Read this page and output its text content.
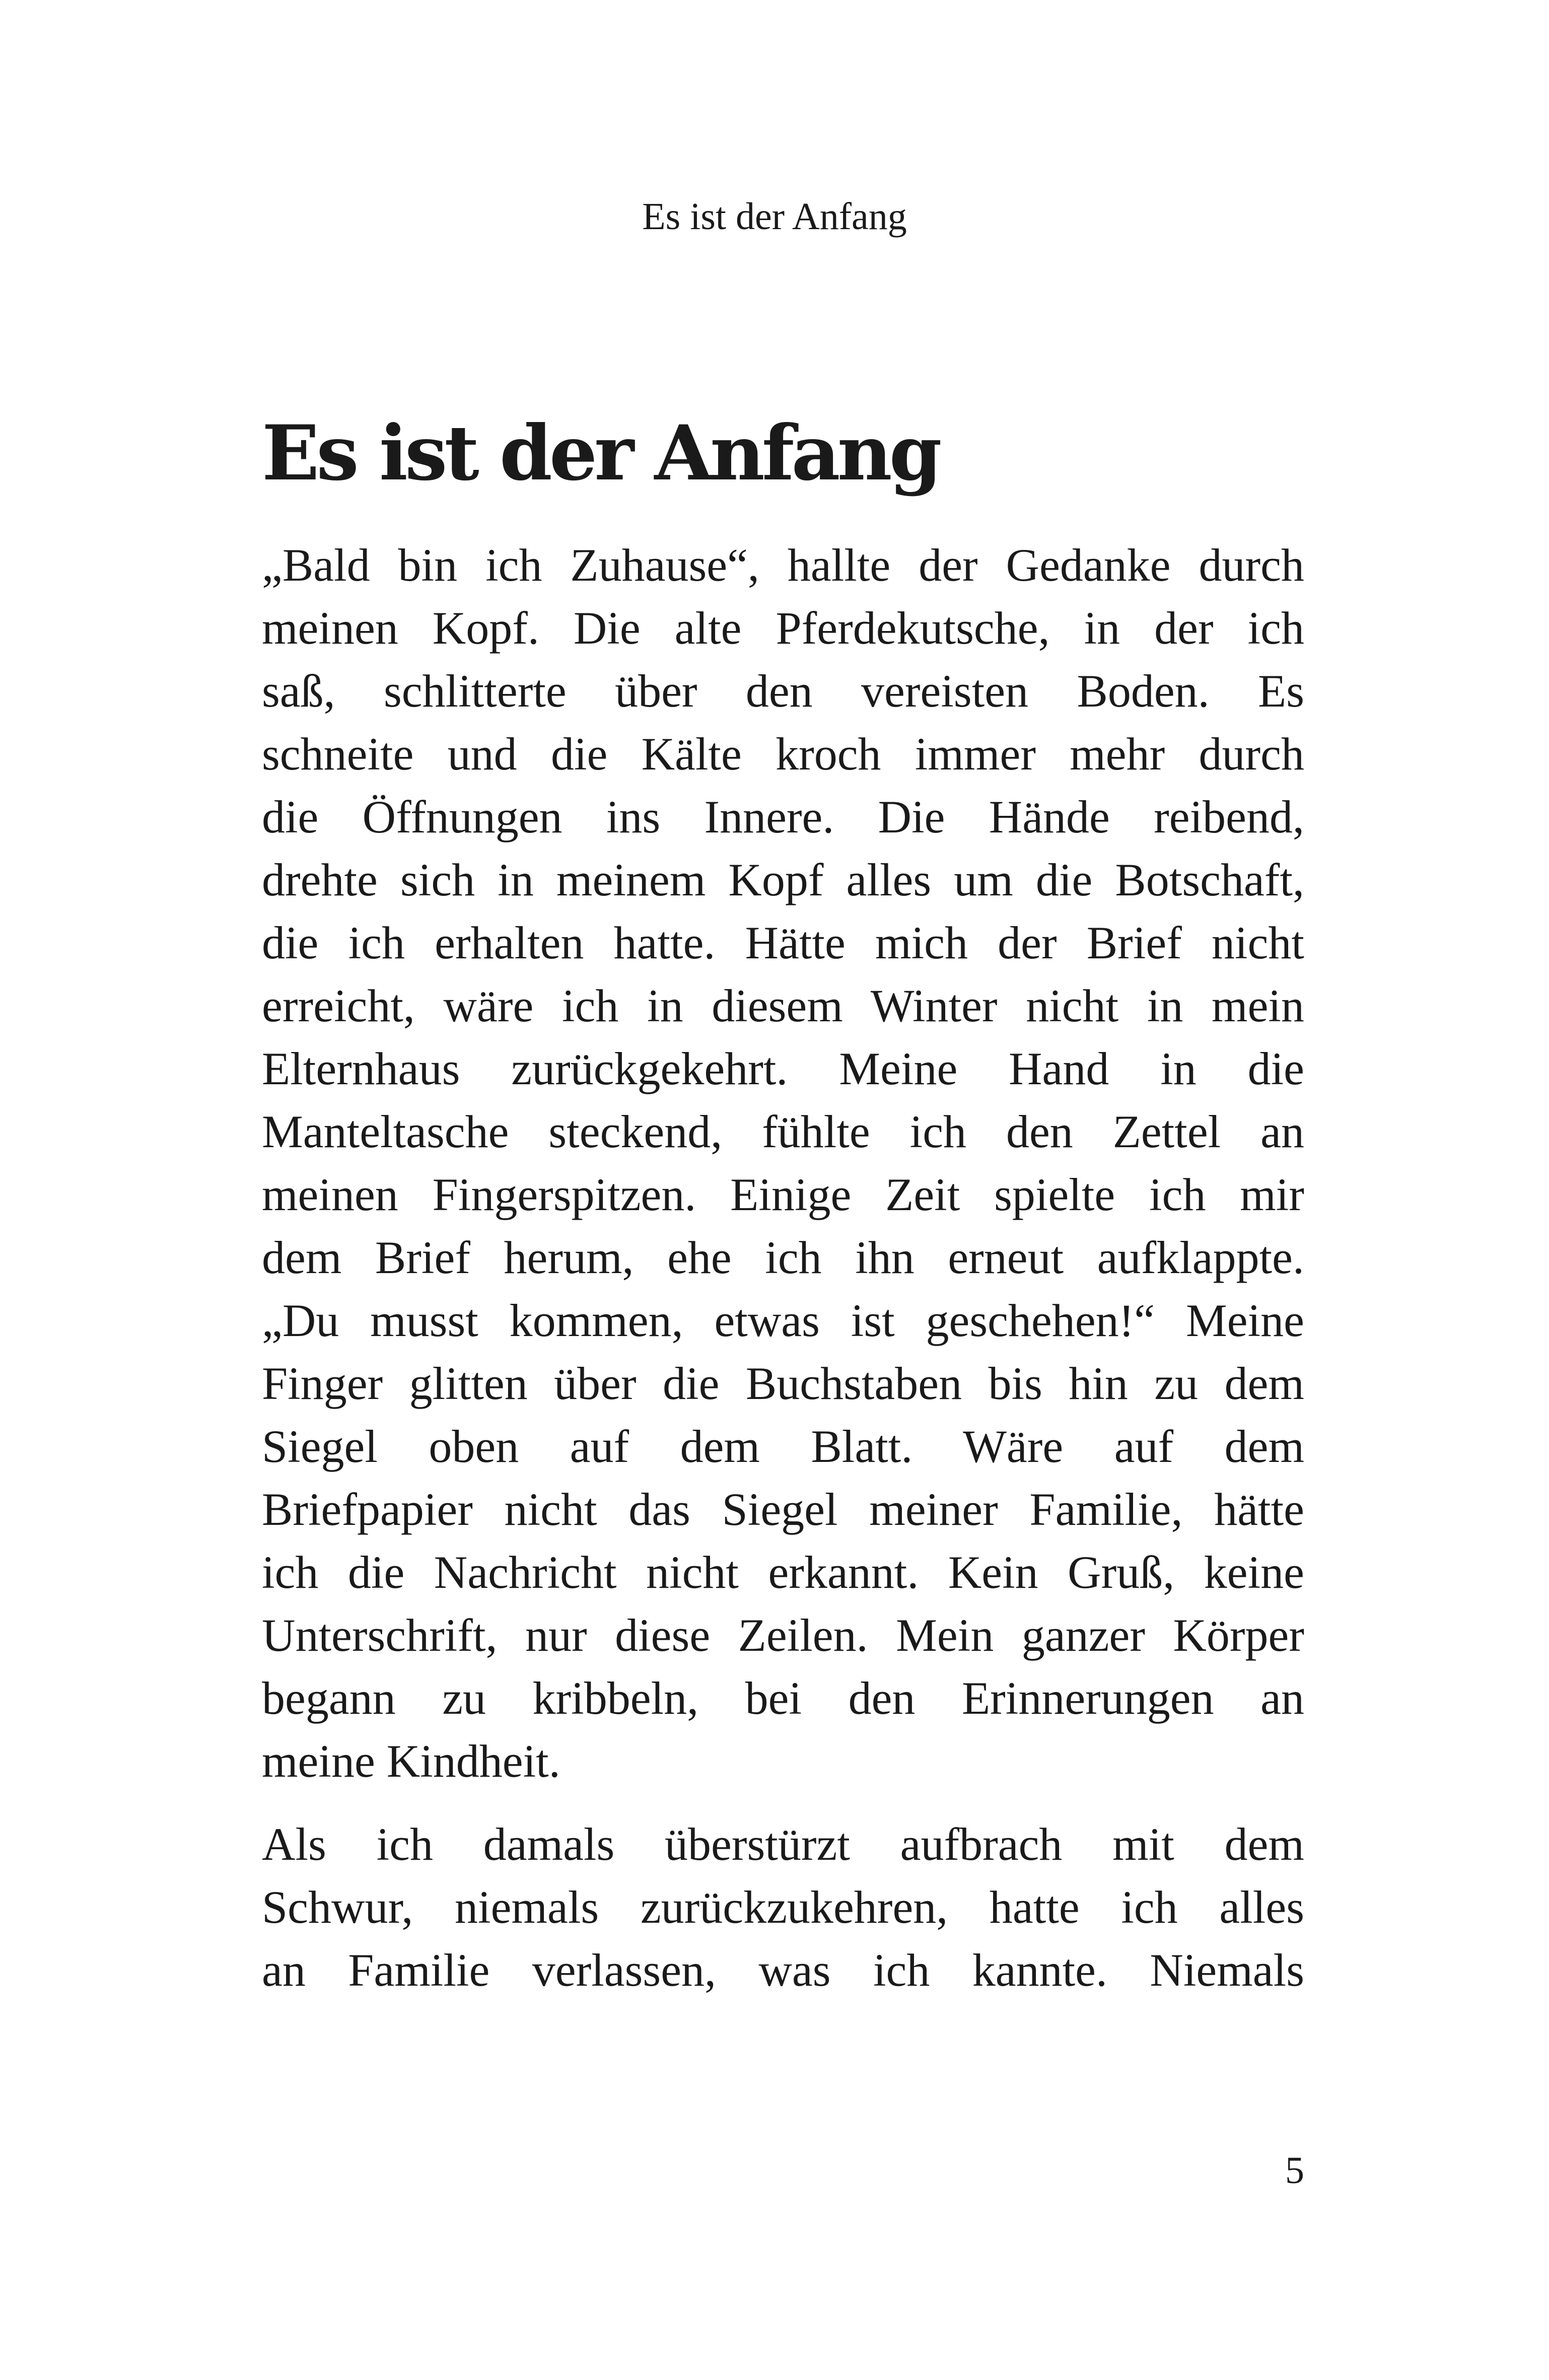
Es ist der Anfang
Es ist der Anfang
„Bald bin ich Zuhause“, hallte der Gedanke durch
meinen Kopf. Die alte Pferdekutsche, in der ich
saß, schlitterte über den vereisten Boden. Es
schneite und die Kälte kroch immer mehr durch
die Öffnungen ins Innere. Die Hände reibend,
drehte sich in meinem Kopf alles um die Botschaft,
die ich erhalten hatte. Hätte mich der Brief nicht
erreicht, wäre ich in diesem Winter nicht in mein
Elternhaus zurückgekehrt. Meine Hand in die
Manteltasche steckend, fühlte ich den Zettel an
meinen Fingerspitzen. Einige Zeit spielte ich mir
dem Brief herum, ehe ich ihn erneut aufklappte.
„Du musst kommen, etwas ist geschehen!“ Meine
Finger glitten über die Buchstaben bis hin zu dem
Siegel oben auf dem Blatt. Wäre auf dem
Briefpapier nicht das Siegel meiner Familie, hätte
ich die Nachricht nicht erkannt. Kein Gruß, keine
Unterschrift, nur diese Zeilen. Mein ganzer Körper
begann zu kribbeln, bei den Erinnerungen an
meine Kindheit.
Als ich damals überstürzt aufbrach mit dem
Schwur, niemals zurückzukehren, hatte ich alles
an Familie verlassen, was ich kannte. Niemals
5
